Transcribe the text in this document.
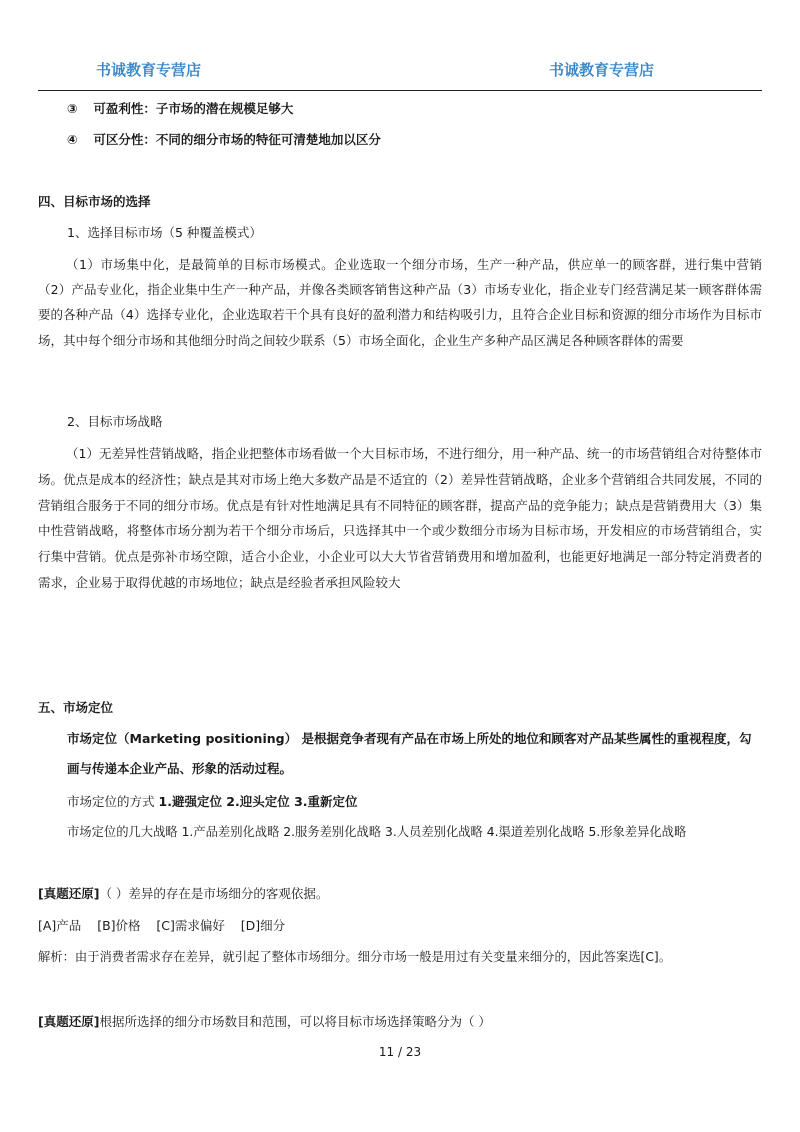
书诚教育专营店	书诚教育专营店
③ 可盈利性：子市场的潜在规模足够大
④ 可区分性：不同的细分市场的特征可清楚地加以区分
四、目标市场的选择
1、选择目标市场（5 种覆盖模式）
（1）市场集中化，是最简单的目标市场模式。企业选取一个细分市场，生产一种产品，供应单一的顾客群，进行集中营销（2）产品专业化，指企业集中生产一种产品，并像各类顾客销售这种产品（3）市场专业化，指企业专门经营满足某一顾客群体需要的各种产品（4）选择专业化，企业选取若干个具有良好的盈利潜力和结构吸引力，且符合企业目标和资源的细分市场作为目标市场，其中每个细分市场和其他细分时尚之间较少联系（5）市场全面化，企业生产多种产品区满足各种顾客群体的需要
2、目标市场战略
（1）无差异性营销战略，指企业把整体市场看做一个大目标市场，不进行细分，用一种产品、统一的市场营销组合对待整体市场。优点是成本的经济性；缺点是其对市场上绝大多数产品是不适宜的（2）差异性营销战略，企业多个营销组合共同发展，不同的营销组合服务于不同的细分市场。优点是有针对性地满足具有不同特征的顾客群，提高产品的竞争能力；缺点是营销费用大（3）集中性营销战略，将整体市场分割为若干个细分市场后，只选择其中一个或少数细分市场为目标市场，开发相应的市场营销组合，实行集中营销。优点是弥补市场空隙，适合小企业，小企业可以大大节省营销费用和增加盈利，也能更好地满足一部分特定消费者的需求，企业易于取得优越的市场地位；缺点是经验者承担风险较大
五、市场定位
市场定位（Marketing positioning） 是根据竞争者现有产品在市场上所处的地位和顾客对产品某些属性的重视程度，勾画与传递本企业产品、形象的活动过程。
市场定位的方式 1.避强定位 2.迎头定位 3.重新定位
市场定位的几大战略 1.产品差别化战略 2.服务差别化战略 3.人员差别化战略 4.渠道差别化战略 5.形象差异化战略
[真题还原]（ ）差异的存在是市场细分的客观依据。
[A]产品    [B]价格    [C]需求偏好    [D]细分
解析：由于消费者需求存在差异，就引起了整体市场细分。细分市场一般是用过有关变量来细分的，因此答案选[C]。
[真题还原]根据所选择的细分市场数目和范围，可以将目标市场选择策略分为（ ）
11 / 23
